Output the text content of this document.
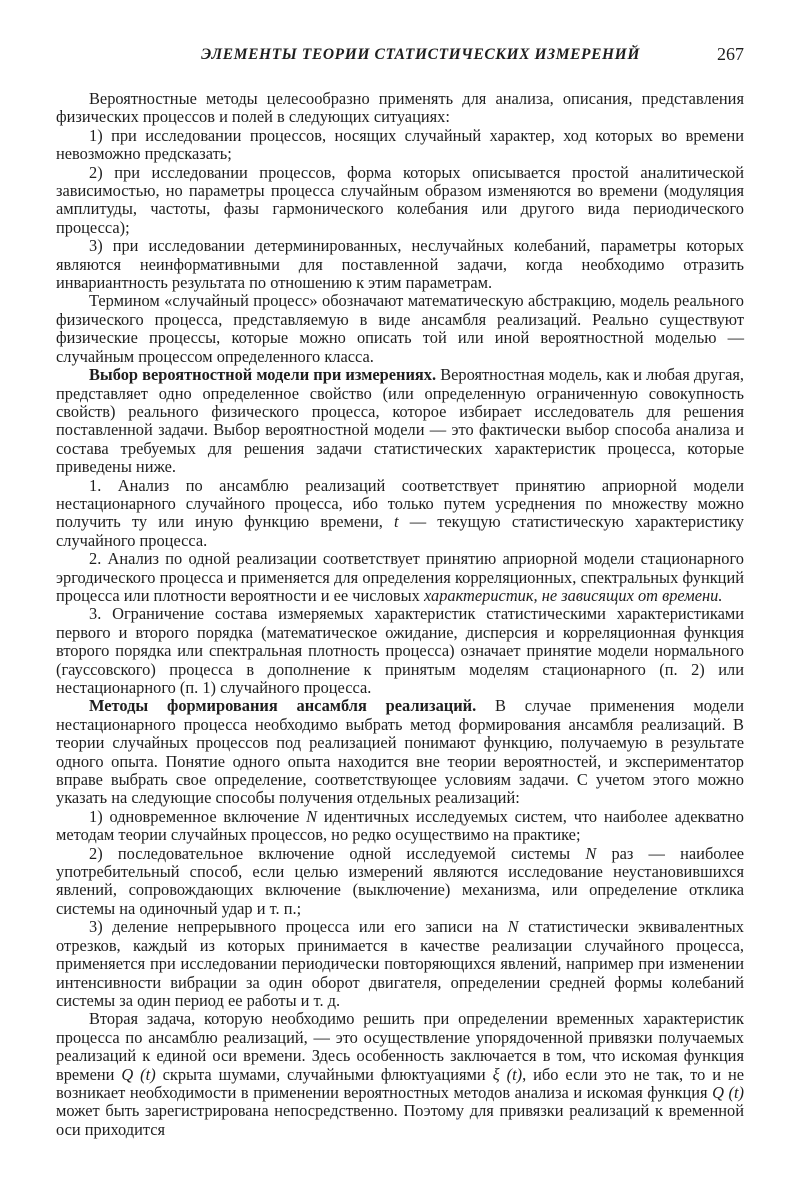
ЭЛЕМЕНТЫ ТЕОРИИ СТАТИСТИЧЕСКИХ ИЗМЕРЕНИЙ	267

Вероятностные методы целесообразно применять для анализа, описания, представления физических процессов и полей в следующих ситуациях:

1) при исследовании процессов, носящих случайный характер, ход которых во времени невозможно предсказать;

2) при исследовании процессов, форма которых описывается простой аналитической зависимостью, но параметры процесса случайным образом изменяются во времени (модуляция амплитуды, частоты, фазы гармонического колебания или другого вида периодического процесса);

3) при исследовании детерминированных, неслучайных колебаний, параметры которых являются неинформативными для поставленной задачи, когда необходимо отразить инвариантность результата по отношению к этим параметрам.

Термином «случайный процесс» обозначают математическую абстракцию, модель реального физического процесса, представляемую в виде ансамбля реализаций. Реально существуют физические процессы, которые можно описать той или иной вероятностной моделью — случайным процессом определенного класса.

Выбор вероятностной модели при измерениях. Вероятностная модель, как и любая другая, представляет одно определенное свойство (или определенную ограниченную совокупность свойств) реального физического процесса, которое избирает исследователь для решения поставленной задачи. Выбор вероятностной модели — это фактически выбор способа анализа и состава требуемых для решения задачи статистических характеристик процесса, которые приведены ниже.

1. Анализ по ансамблю реализаций соответствует принятию априорной модели нестационарного случайного процесса, ибо только путем усреднения по множеству можно получить ту или иную функцию времени, t — текущую статистическую характеристику случайного процесса.

2. Анализ по одной реализации соответствует принятию априорной модели стационарного эргодического процесса и применяется для определения корреляционных, спектральных функций процесса или плотности вероятности и ее числовых характеристик, не зависящих от времени.

3. Ограничение состава измеряемых характеристик статистическими характеристиками первого и второго порядка (математическое ожидание, дисперсия и корреляционная функция второго порядка или спектральная плотность процесса) означает принятие модели нормального (гауссовского) процесса в дополнение к принятым моделям стационарного (п. 2) или нестационарного (п. 1) случайного процесса.

Методы формирования ансамбля реализаций. В случае применения модели нестационарного процесса необходимо выбрать метод формирования ансамбля реализаций. В теории случайных процессов под реализацией понимают функцию, получаемую в результате одного опыта. Понятие одного опыта находится вне теории вероятностей, и экспериментатор вправе выбрать свое определение, соответствующее условиям задачи. С учетом этого можно указать на следующие способы получения отдельных реализаций:

1) одновременное включение N идентичных исследуемых систем, что наиболее адекватно методам теории случайных процессов, но редко осуществимо на практике;

2) последовательное включение одной исследуемой системы N раз — наиболее употребительный способ, если целью измерений являются исследование неустановившихся явлений, сопровождающих включение (выключение) механизма, или определение отклика системы на одиночный удар и т. п.;

3) деление непрерывного процесса или его записи на N статистически эквивалентных отрезков, каждый из которых принимается в качестве реализации случайного процесса, применяется при исследовании периодически повторяющихся явлений, например при изменении интенсивности вибрации за один оборот двигателя, определении средней формы колебаний системы за один период ее работы и т. д.

Вторая задача, которую необходимо решить при определении временных характеристик процесса по ансамблю реализаций, — это осуществление упорядоченной привязки получаемых реализаций к единой оси времени. Здесь особенность заключается в том, что искомая функция времени Q (t) скрыта шумами, случайными флюктуациями ξ (t), ибо если это не так, то и не возникает необходимости в применении вероятностных методов анализа и искомая функция Q (t) может быть зарегистрирована непосредственно. Поэтому для привязки реализаций к временной оси приходится
